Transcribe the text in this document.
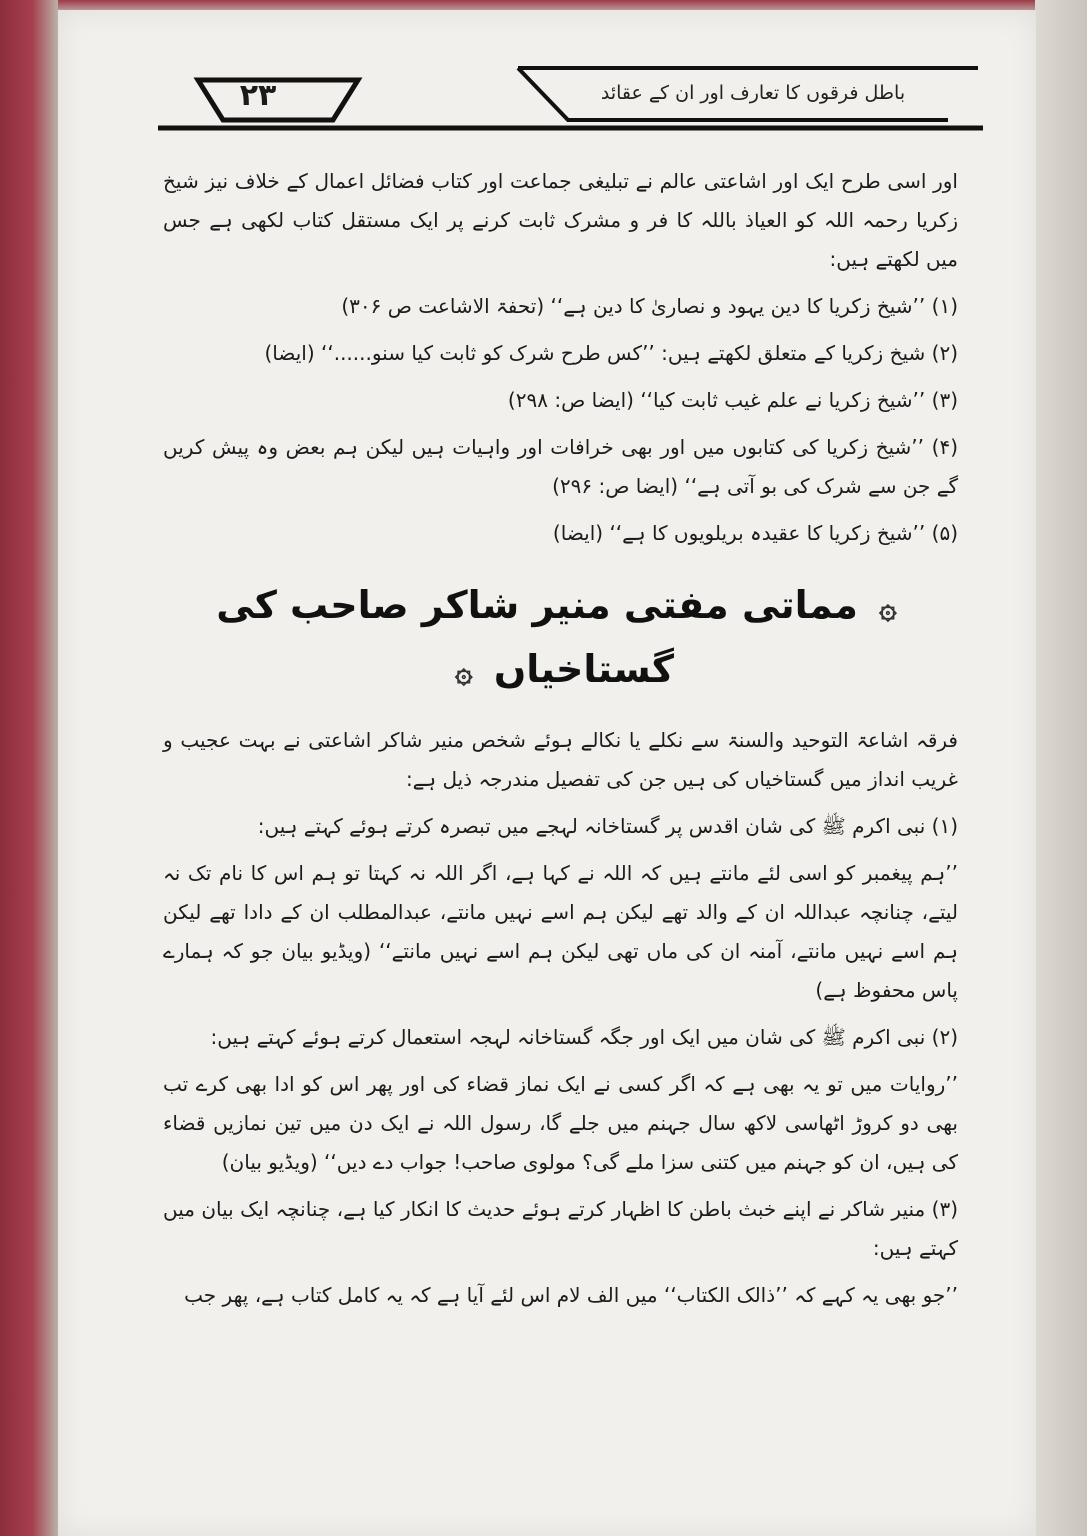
۲۳	باطل فرقوں کا تعارف اور ان کے عقائد

اور اسی طرح ایک اور اشاعتی عالم نے تبلیغی جماعت اور کتاب فضائل اعمال کے خلاف نیز شیخ زکریا رحمہ اللہ کو العیاذ باللہ کا فر و مشرک ثابت کرنے پر ایک مستقل کتاب لکھی ہے جس میں لکھتے ہیں:

(۱) ’’شیخ زکریا کا دین یہود و نصاریٰ کا دین ہے‘‘ (تحفۃ الاشاعت ص ۳۰۶)

(۲) شیخ زکریا کے متعلق لکھتے ہیں: ’’کس طرح شرک کو ثابت کیا سنو......‘‘ (ایضا)

(۳) ’’شیخ زکریا نے علم غیب ثابت کیا‘‘ (ایضا ص: ۲۹۸)

(۴) ’’شیخ زکریا کی کتابوں میں اور بھی خرافات اور واہیات ہیں لیکن ہم بعض وہ پیش کریں گے جن سے شرک کی بو آتی ہے‘‘ (ایضا ص: ۲۹۶)

(۵) ’’شیخ زکریا کا عقیدہ بریلویوں کا ہے‘‘ (ایضا)

۞ مماتی مفتی منیر شاکر صاحب کی گستاخیاں ۞

فرقہ اشاعۃ التوحید والسنۃ سے نکلے یا نکالے ہوئے شخص منیر شاکر اشاعتی نے بہت عجیب و غریب انداز میں گستاخیاں کی ہیں جن کی تفصیل مندرجہ ذیل ہے:

(۱) نبی اکرم ﷺ کی شان اقدس پر گستاخانہ لہجے میں تبصرہ کرتے ہوئے کہتے ہیں:

’’ہم پیغمبر کو اسی لئے مانتے ہیں کہ اللہ نے کہا ہے، اگر اللہ نہ کہتا تو ہم اس کا نام تک نہ لیتے، چنانچہ عبداللہ ان کے والد تھے لیکن ہم اسے نہیں مانتے، عبدالمطلب ان کے دادا تھے لیکن ہم اسے نہیں مانتے، آمنہ ان کی ماں تھی لیکن ہم اسے نہیں مانتے‘‘ (ویڈیو بیان جو کہ ہمارے پاس محفوظ ہے)

(۲) نبی اکرم ﷺ کی شان میں ایک اور جگہ گستاخانہ لہجہ استعمال کرتے ہوئے کہتے ہیں:

’’روایات میں تو یہ بھی ہے کہ اگر کسی نے ایک نماز قضاء کی اور پھر اس کو ادا بھی کرے تب بھی دو کروڑ اٹھاسی لاکھ سال جہنم میں جلے گا، رسول اللہ نے ایک دن میں تین نمازیں قضاء کی ہیں، ان کو جہنم میں کتنی سزا ملے گی؟ مولوی صاحب! جواب دے دیں‘‘ (ویڈیو بیان)

(۳) منیر شاکر نے اپنے خبث باطن کا اظہار کرتے ہوئے حدیث کا انکار کیا ہے، چنانچہ ایک بیان میں کہتے ہیں:

’’جو بھی یہ کہے کہ ’’ذالک الکتاب‘‘ میں الف لام اس لئے آیا ہے کہ یہ کامل کتاب ہے، پھر جب
